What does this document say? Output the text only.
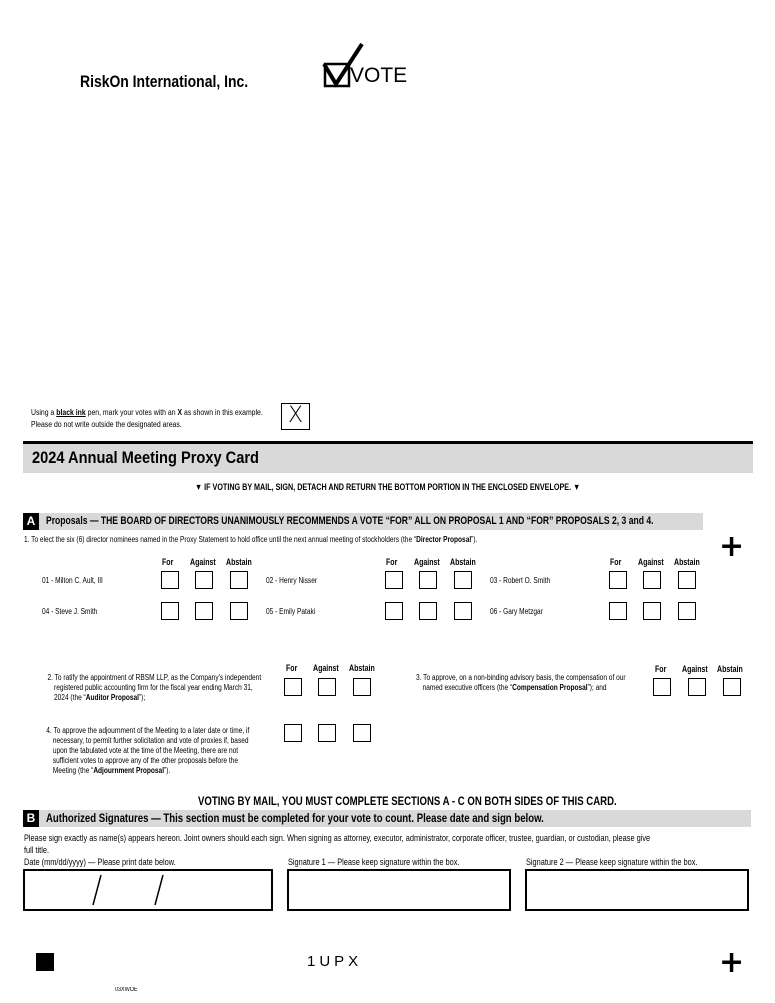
RiskOn International, Inc.	VOTE
Using a black ink pen, mark your votes with an X as shown in this example.
Please do not write outside the designated areas.	X
2024 Annual Meeting Proxy Card
▼ IF VOTING BY MAIL, SIGN, DETACH AND RETURN THE BOTTOM PORTION IN THE ENCLOSED ENVELOPE. ▼
A Proposals — THE BOARD OF DIRECTORS UNANIMOUSLY RECOMMENDS A VOTE “FOR” ALL ON PROPOSAL 1 AND “FOR” PROPOSALS 2, 3 and 4.
+
1. To elect the six (6) director nominees named in the Proxy Statement to hold office until the next annual meeting of stockholders (the “Director Proposal”).
For Against Abstain	For Against Abstain	For Against Abstain
01 - Milton C. Ault, III	02 - Henry Nisser	03 - Robert O. Smith
04 - Steve J. Smith	05 - Emily Pataki	06 - Gary Metzgar
2. To ratify the appointment of RBSM LLP, as the Company’s independent
registered public accounting firm for the fiscal year ending March 31,
2024 (the “Auditor Proposal”);
For Against Abstain
3. To approve, on a non-binding advisory basis, the compensation of our
named executive officers (the “Compensation Proposal”); and
For Against Abstain
4. To approve the adjournment of the Meeting to a later date or time, if
necessary, to permit further solicitation and vote of proxies if, based
upon the tabulated vote at the time of the Meeting, there are not
sufficient votes to approve any of the other proposals before the
Meeting (the “Adjournment Proposal”).
VOTING BY MAIL, YOU MUST COMPLETE SECTIONS A - C ON BOTH SIDES OF THIS CARD.
B Authorized Signatures — This section must be completed for your vote to count. Please date and sign below.
Please sign exactly as name(s) appears hereon. Joint owners should each sign. When signing as attorney, executor, administrator, corporate officer, trustee, guardian, or custodian, please give
full title.
Date (mm/dd/yyyy) — Please print date below.	Signature 1 — Please keep signature within the box.	Signature 2 — Please keep signature within the box.
1UPX	+
03XWOE
